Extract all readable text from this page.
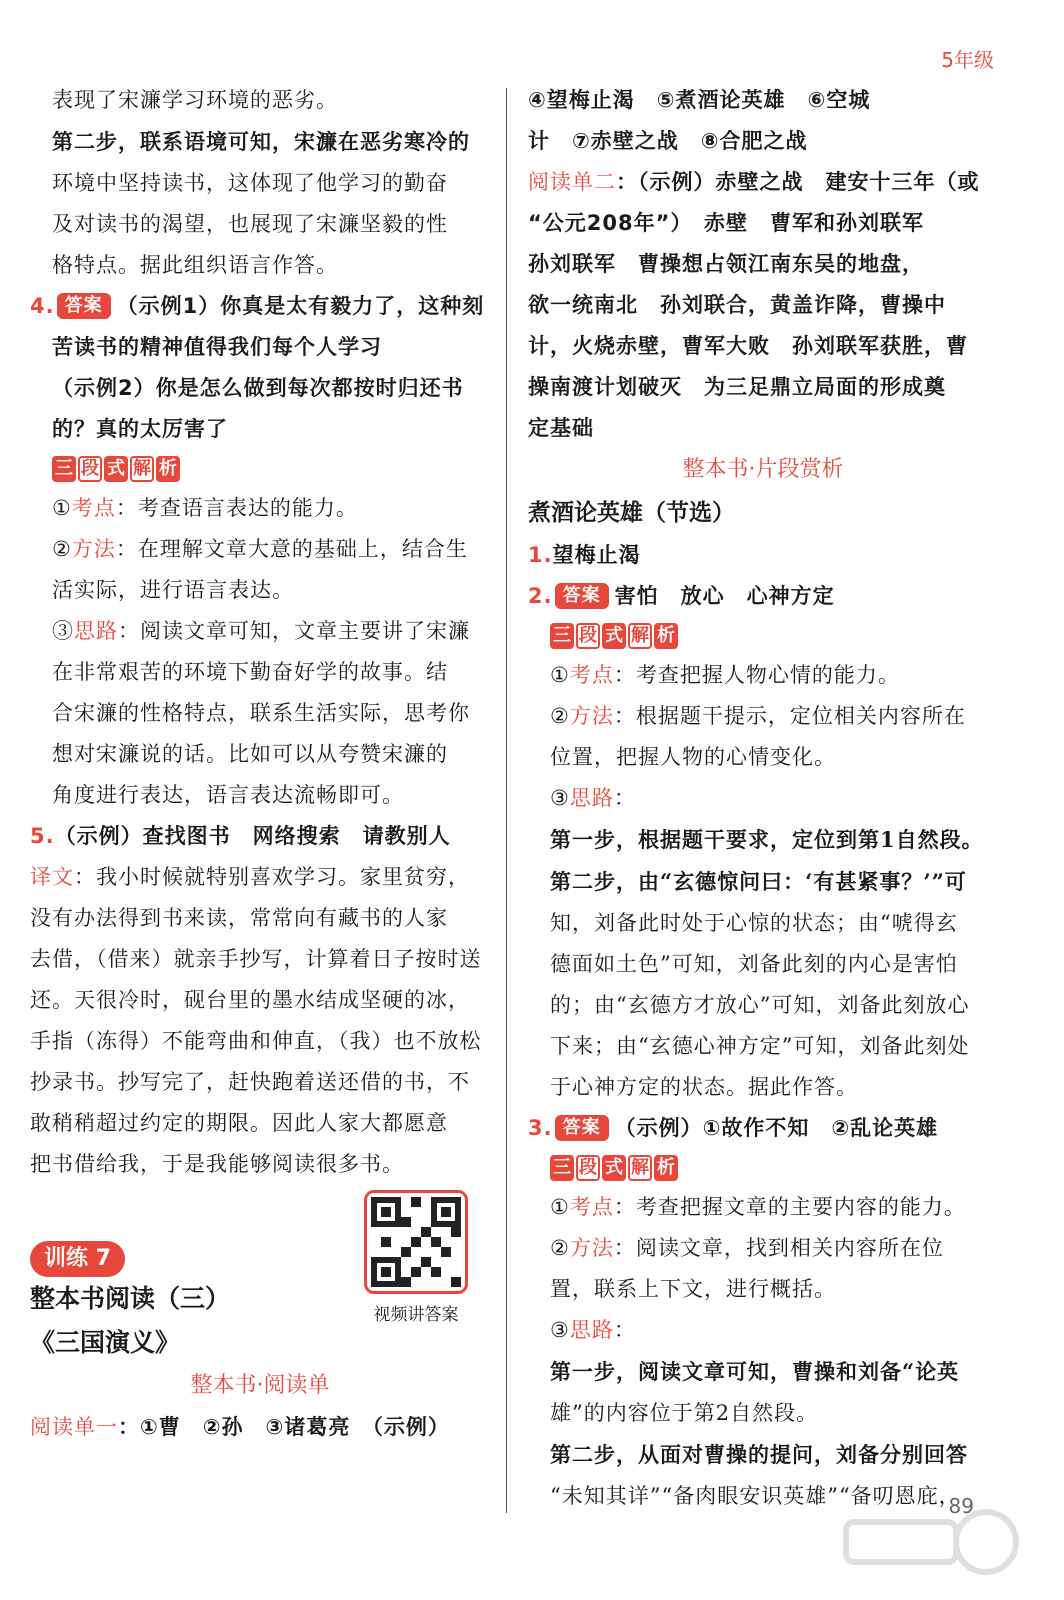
5年级

表现了宋濂学习环境的恶劣。

第二步，联系语境可知，宋濂在恶劣寒冷的

环境中坚持读书，这体现了他学习的勤奋

及对读书的渴望，也展现了宋濂坚毅的性

格特点。据此组织语言作答。

4. 答案 （示例1）你真是太有毅力了，这种刻

苦读书的精神值得我们每个人学习

（示例2）你是怎么做到每次都按时归还书

的？真的太厉害了

三 段 式 解 析

①考点：考查语言表达的能力。

②方法：在理解文章大意的基础上，结合生

活实际，进行语言表达。

③思路：阅读文章可知，文章主要讲了宋濂

在非常艰苦的环境下勤奋好学的故事。结

合宋濂的性格特点，联系生活实际，思考你

想对宋濂说的话。比如可以从夸赞宋濂的

角度进行表达，语言表达流畅即可。

5.（示例）查找图书　网络搜索　请教别人

译文：我小时候就特别喜欢学习。家里贫穷，

没有办法得到书来读，常常向有藏书的人家

去借，（借来）就亲手抄写，计算着日子按时送

还。天很冷时，砚台里的墨水结成坚硬的冰，

手指（冻得）不能弯曲和伸直，（我）也不放松

抄录书。抄写完了，赶快跑着送还借的书，不

敢稍稍超过约定的期限。因此人家大都愿意

把书借给我，于是我能够阅读很多书。

训练 7
整本书阅读（三）
《三国演义》
整本书·阅读单

阅读单一：①曹　②孙　③诸葛亮　（示例）

视频讲答案

④望梅止渴　⑤煮酒论英雄　⑥空城

计　⑦赤壁之战　⑧合肥之战

阅读单二：（示例）赤壁之战　建安十三年（或

“公元208年”）　赤壁　曹军和孙刘联军

孙刘联军　曹操想占领江南东吴的地盘，

欲一统南北　孙刘联合，黄盖诈降，曹操中

计，火烧赤壁，曹军大败　孙刘联军获胜，曹

操南渡计划破灭　为三足鼎立局面的形成奠

定基础

整本书·片段赏析
煮酒论英雄（节选）

1.望梅止渴

2. 答案 害怕　放心　心神方定

三 段 式 解 析

①考点：考查把握人物心情的能力。

②方法：根据题干提示，定位相关内容所在

位置，把握人物的心情变化。

③思路：

第一步，根据题干要求，定位到第1自然段。

第二步，由“玄德惊问曰：‘有甚紧事？’”可

知，刘备此时处于心惊的状态；由“唬得玄

德面如土色”可知，刘备此刻的内心是害怕

的；由“玄德方才放心”可知，刘备此刻放心

下来；由“玄德心神方定”可知，刘备此刻处

于心神方定的状态。据此作答。

3. 答案 （示例）①故作不知　②乱论英雄

三 段 式 解 析

①考点：考查把握文章的主要内容的能力。

②方法：阅读文章，找到相关内容所在位

置，联系上下文，进行概括。

③思路：

第一步，阅读文章可知，曹操和刘备“论英

雄”的内容位于第2自然段。

第二步，从面对曹操的提问，刘备分别回答

“未知其详”“备肉眼安识英雄”“备叨恩庇，

89
